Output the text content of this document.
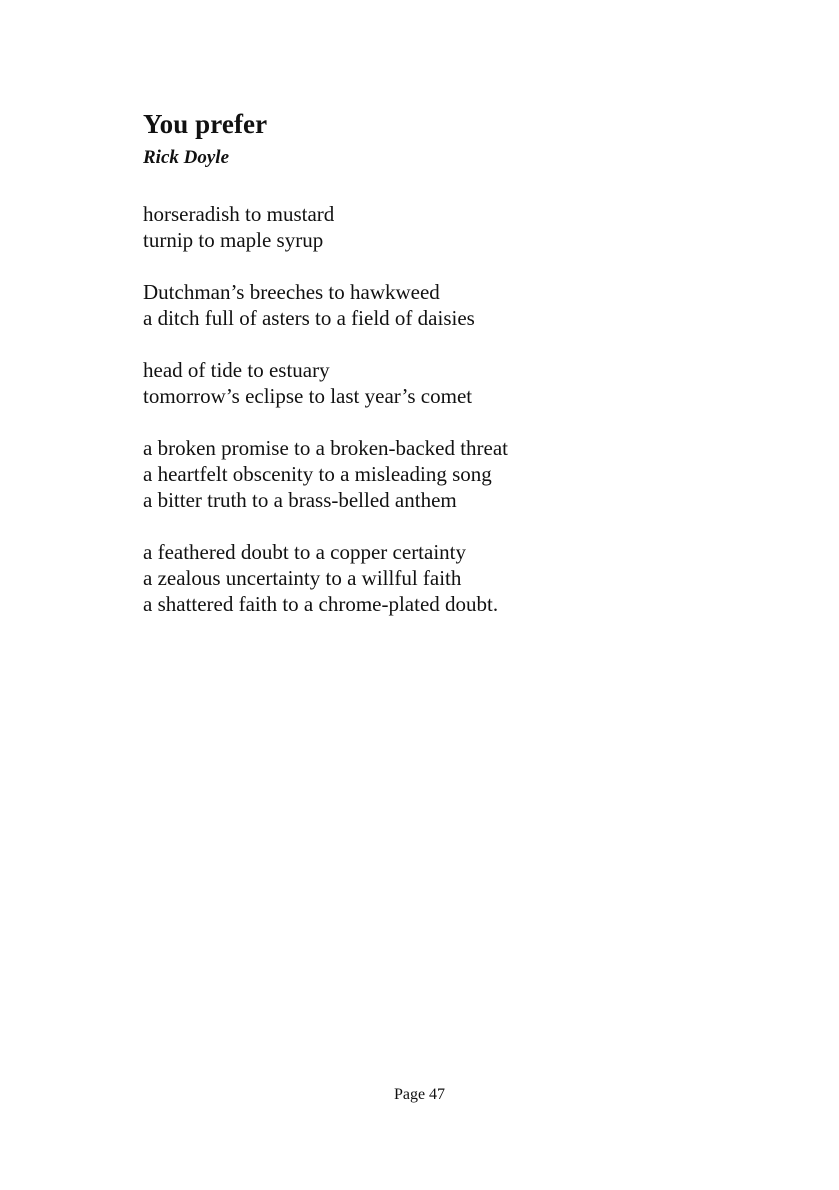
You prefer
Rick Doyle
horseradish to mustard
turnip to maple syrup
Dutchman’s breeches to hawkweed
a ditch full of asters to a field of daisies
head of tide to estuary
tomorrow’s eclipse to last year’s comet
a broken promise to a broken-backed threat
a heartfelt obscenity to a misleading song
a bitter truth to a brass-belled anthem
a feathered doubt to a copper certainty
a zealous uncertainty to a willful faith
a shattered faith to a chrome-plated doubt.
Page 47
